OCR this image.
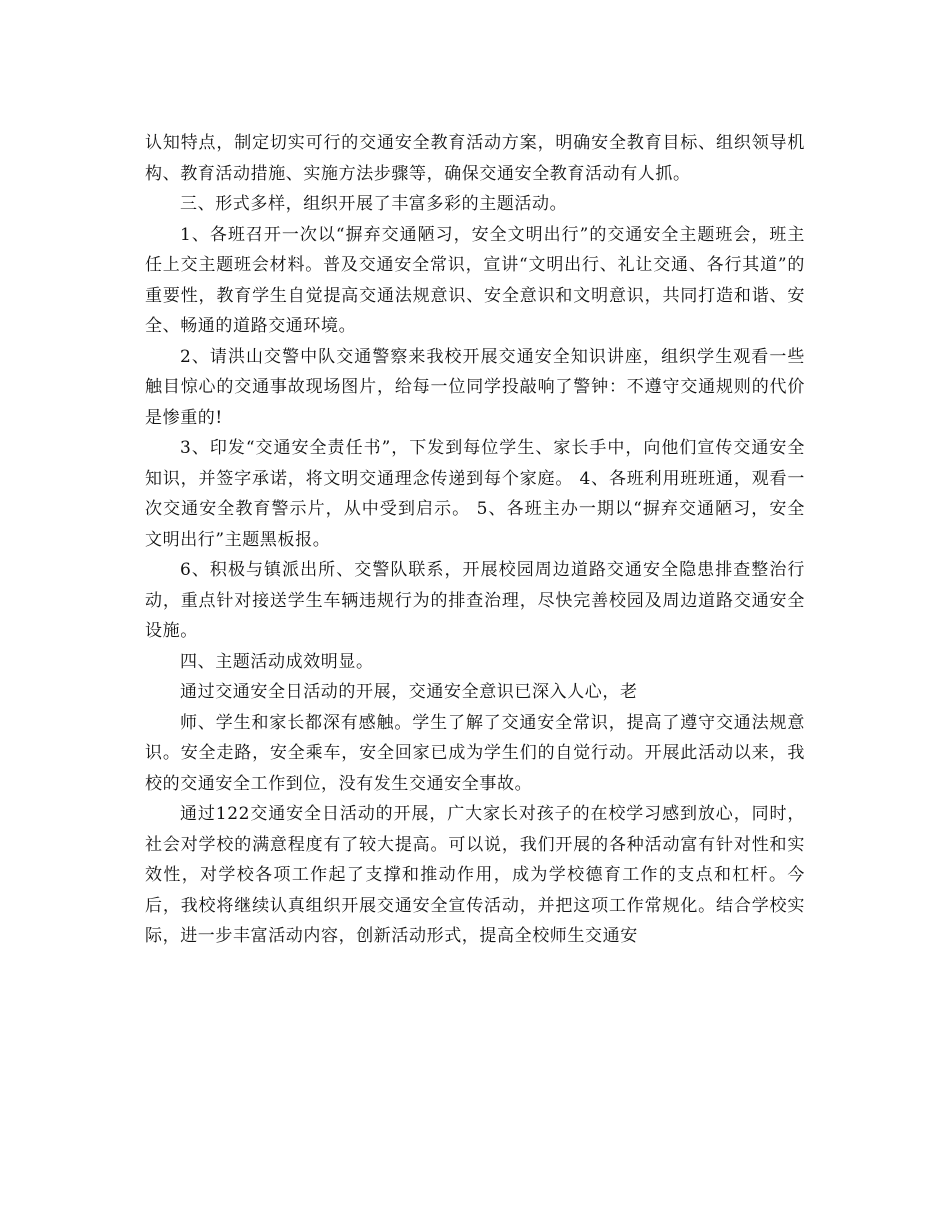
认知特点，制定切实可行的交通安全教育活动方案，明确安全教育目标、组织领导机构、教育活动措施、实施方法步骤等，确保交通安全教育活动有人抓。

三、形式多样，组织开展了丰富多彩的主题活动。

1、各班召开一次以“摒弃交通陋习，安全文明出行”的交通安全主题班会，班主任上交主题班会材料。普及交通安全常识，宣讲“文明出行、礼让交通、各行其道”的重要性，教育学生自觉提高交通法规意识、安全意识和文明意识，共同打造和谐、安全、畅通的道路交通环境。

2、请洪山交警中队交通警察来我校开展交通安全知识讲座，组织学生观看一些触目惊心的交通事故现场图片，给每一位同学投敲响了警钟：不遵守交通规则的代价是惨重的!

3、印发“交通安全责任书”，下发到每位学生、家长手中，向他们宣传交通安全知识，并签字承诺，将文明交通理念传递到每个家庭。 4、各班利用班班通，观看一次交通安全教育警示片，从中受到启示。 5、各班主办一期以“摒弃交通陋习，安全文明出行”主题黑板报。

6、积极与镇派出所、交警队联系，开展校园周边道路交通安全隐患排查整治行动，重点针对接送学生车辆违规行为的排查治理，尽快完善校园及周边道路交通安全设施。

四、主题活动成效明显。

通过交通安全日活动的开展，交通安全意识已深入人心，老

师、学生和家长都深有感触。学生了解了交通安全常识，提高了遵守交通法规意识。安全走路，安全乘车，安全回家已成为学生们的自觉行动。开展此活动以来，我校的交通安全工作到位，没有发生交通安全事故。

通过122交通安全日活动的开展，广大家长对孩子的在校学习感到放心，同时，社会对学校的满意程度有了较大提高。可以说，我们开展的各种活动富有针对性和实效性，对学校各项工作起了支撑和推动作用，成为学校德育工作的支点和杠杆。今后，我校将继续认真组织开展交通安全宣传活动，并把这项工作常规化。结合学校实际，进一步丰富活动内容，创新活动形式，提高全校师生交通安
